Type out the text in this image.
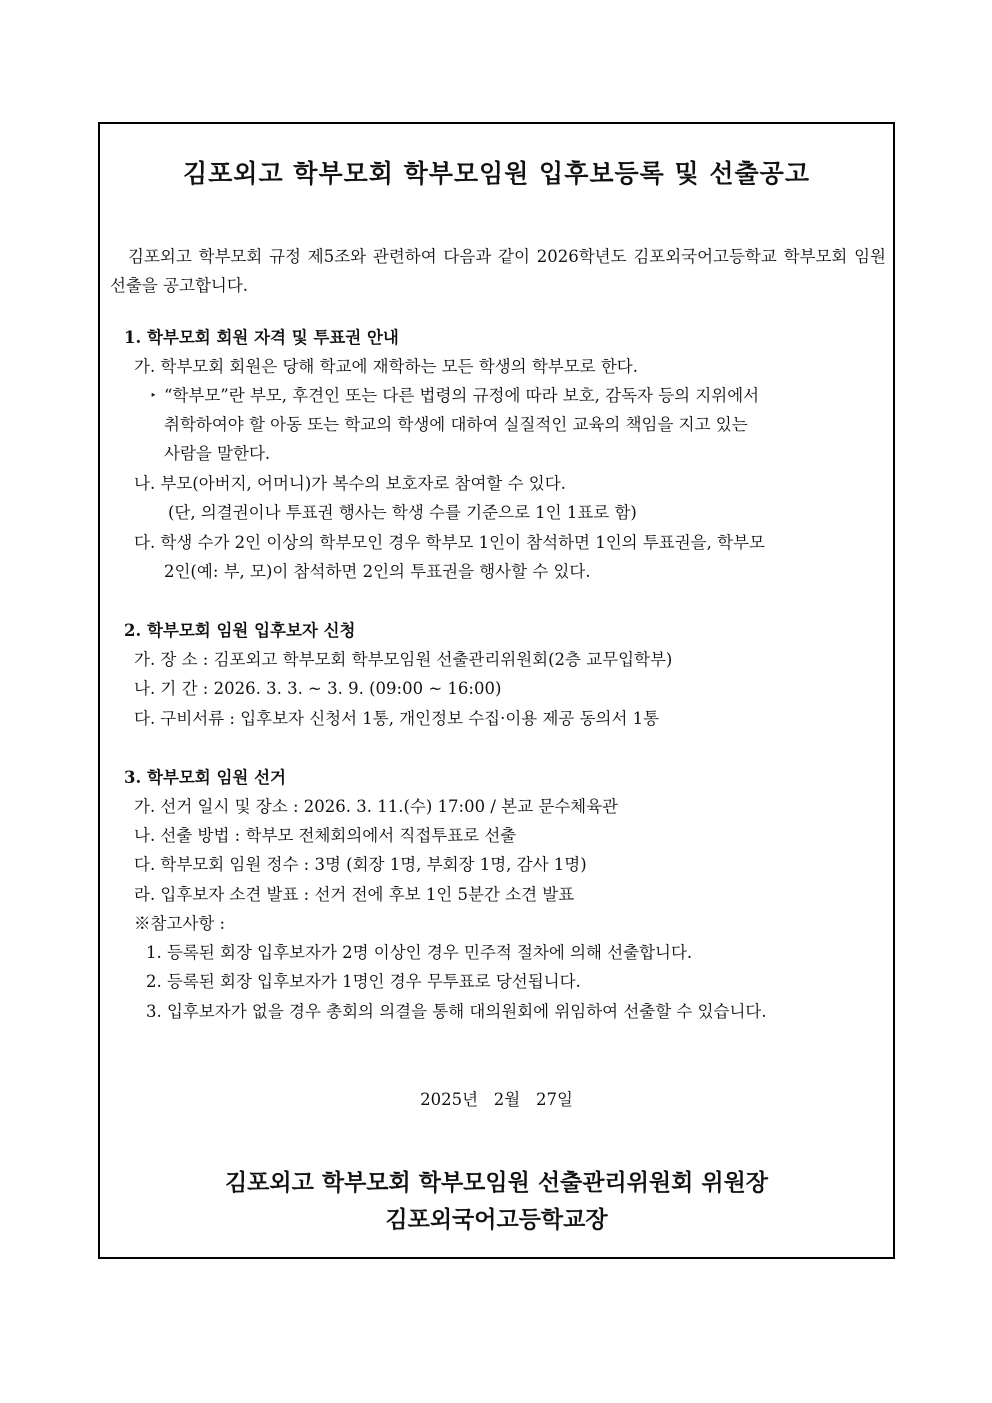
김포외고 학부모회 학부모임원 입후보등록 및 선출공고
김포외고 학부모회 규정 제5조와 관련하여 다음과 같이 2026학년도 김포외국어고등학교 학부모회 임원 선출을 공고합니다.
1. 학부모회 회원 자격 및 투표권 안내
가. 학부모회 회원은 당해 학교에 재학하는 모든 학생의 학부모로 한다.
‣ “학부모”란 부모, 후견인 또는 다른 법령의 규정에 따라 보호, 감독자 등의 지위에서
취학하여야 할 아동 또는 학교의 학생에 대하여 실질적인 교육의 책임을 지고 있는
사람을 말한다.
나. 부모(아버지, 어머니)가 복수의 보호자로 참여할 수 있다.
(단, 의결권이나 투표권 행사는 학생 수를 기준으로 1인 1표로 함)
다. 학생 수가 2인 이상의 학부모인 경우 학부모 1인이 참석하면 1인의 투표권을, 학부모
2인(예: 부, 모)이 참석하면 2인의 투표권을 행사할 수 있다.
2. 학부모회 임원 입후보자 신청
가. 장 소 : 김포외고 학부모회 학부모임원 선출관리위원회(2층 교무입학부)
나. 기 간 : 2026. 3. 3. ~ 3. 9. (09:00 ~ 16:00)
다. 구비서류 : 입후보자 신청서 1통, 개인정보 수집·이용 제공 동의서 1통
3. 학부모회 임원 선거
가. 선거 일시 및 장소 : 2026. 3. 11.(수) 17:00 / 본교 문수체육관
나. 선출 방법 : 학부모 전체회의에서 직접투표로 선출
다. 학부모회 임원 정수 : 3명 (회장 1명, 부회장 1명, 감사 1명)
라. 입후보자 소견 발표 : 선거 전에 후보 1인 5분간 소견 발표
※참고사항 :
1. 등록된 회장 입후보자가 2명 이상인 경우 민주적 절차에 의해 선출합니다.
2. 등록된 회장 입후보자가 1명인 경우 무투표로 당선됩니다.
3. 입후보자가 없을 경우 총회의 의결을 통해 대의원회에 위임하여 선출할 수 있습니다.
2025년   2월   27일
김포외고 학부모회 학부모임원 선출관리위원회 위원장
김포외국어고등학교장
